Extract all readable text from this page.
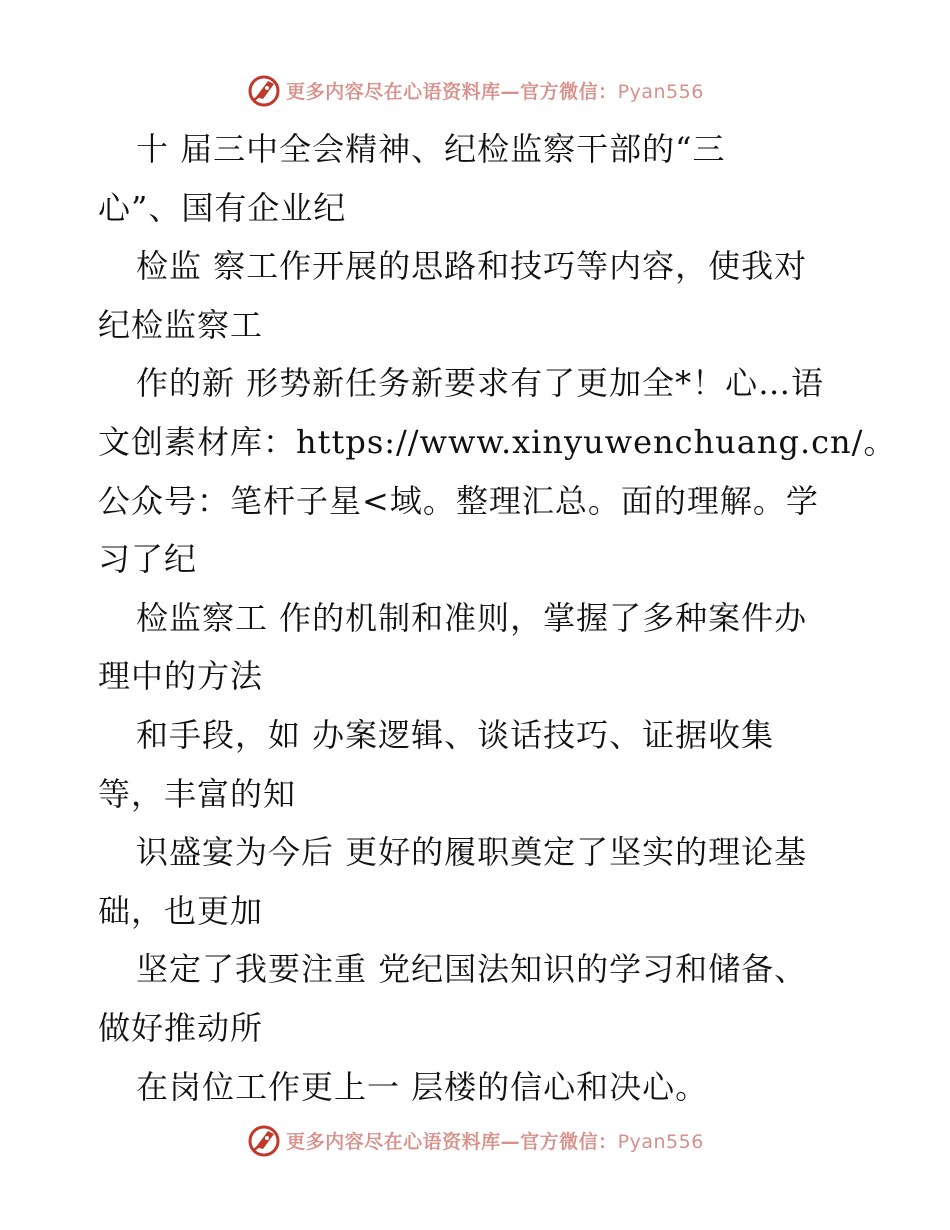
更多内容尽在心语资料库—官方微信：Pyan556
十 届三中全会精神、纪检监察干部的“三
心”、国有企业纪
检监 察工作开展的思路和技巧等内容，使我对
纪检监察工
作的新 形势新任务新要求有了更加全*！心…语
文创素材库：https://www.xinyuwenchuang.cn/。
公众号：笔杆子星<域。整理汇总。面的理解。学
习了纪
检监察工 作的机制和准则，掌握了多种案件办
理中的方法
和手段，如 办案逻辑、谈话技巧、证据收集
等，丰富的知
识盛宴为今后 更好的履职奠定了坚实的理论基
础，也更加
坚定了我要注重 党纪国法知识的学习和储备、
做好推动所
在岗位工作更上一 层楼的信心和决心。
更多内容尽在心语资料库—官方微信：Pyan556
